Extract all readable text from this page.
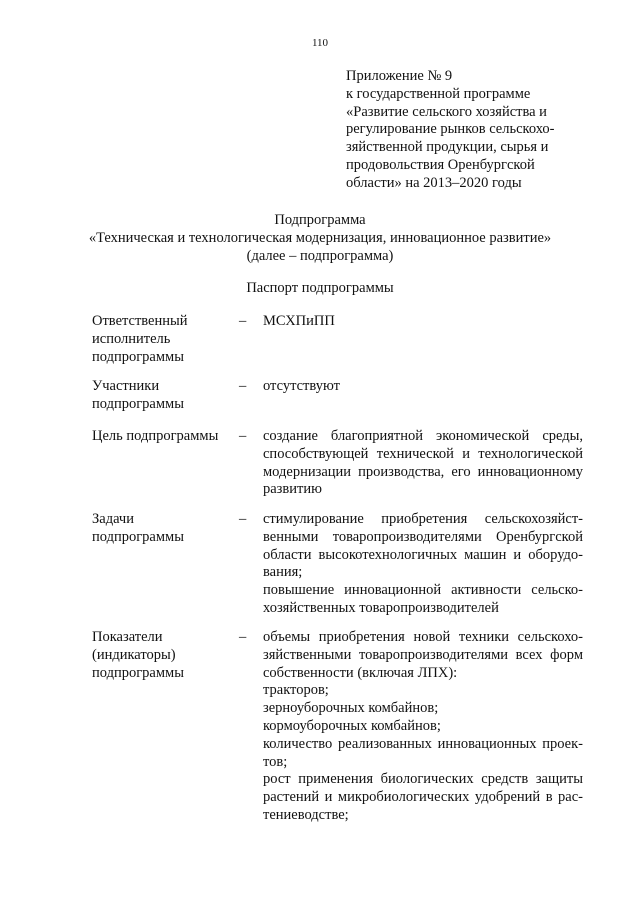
110
Приложение № 9
к государственной программе
«Развитие сельского хозяйства и
регулирование рынков сельскохо-
зяйственной продукции, сырья и
продовольствия Оренбургской
области» на 2013–2020 годы
Подпрограмма
«Техническая и технологическая модернизация, инновационное развитие»
(далее – подпрограмма)
Паспорт подпрограммы
Ответственный
исполнитель
подпрограммы
– МСХПиПП
Участники
подпрограммы
– отсутствуют
Цель подпрограммы	– создание благоприятной экономической среды,
способствующей технической и технологической
модернизации производства, его инновационному
развитию
Задачи
подпрограммы
– стимулирование приобретения сельскохозяйст-
венными товаропроизводителями Оренбургской
области высокотехнологичных машин и оборудо-
вания;
повышение инновационной активности сельско-
хозяйственных товаропроизводителей
Показатели
(индикаторы)
подпрограммы
– объемы приобретения новой техники сельскохо-
зяйственными товаропроизводителями всех форм
собственности (включая ЛПХ):
тракторов;
зерноуборочных комбайнов;
кормоуборочных комбайнов;
количество реализованных инновационных проек-
тов;
рост применения биологических средств защиты
растений и микробиологических удобрений в рас-
тениеводстве;
